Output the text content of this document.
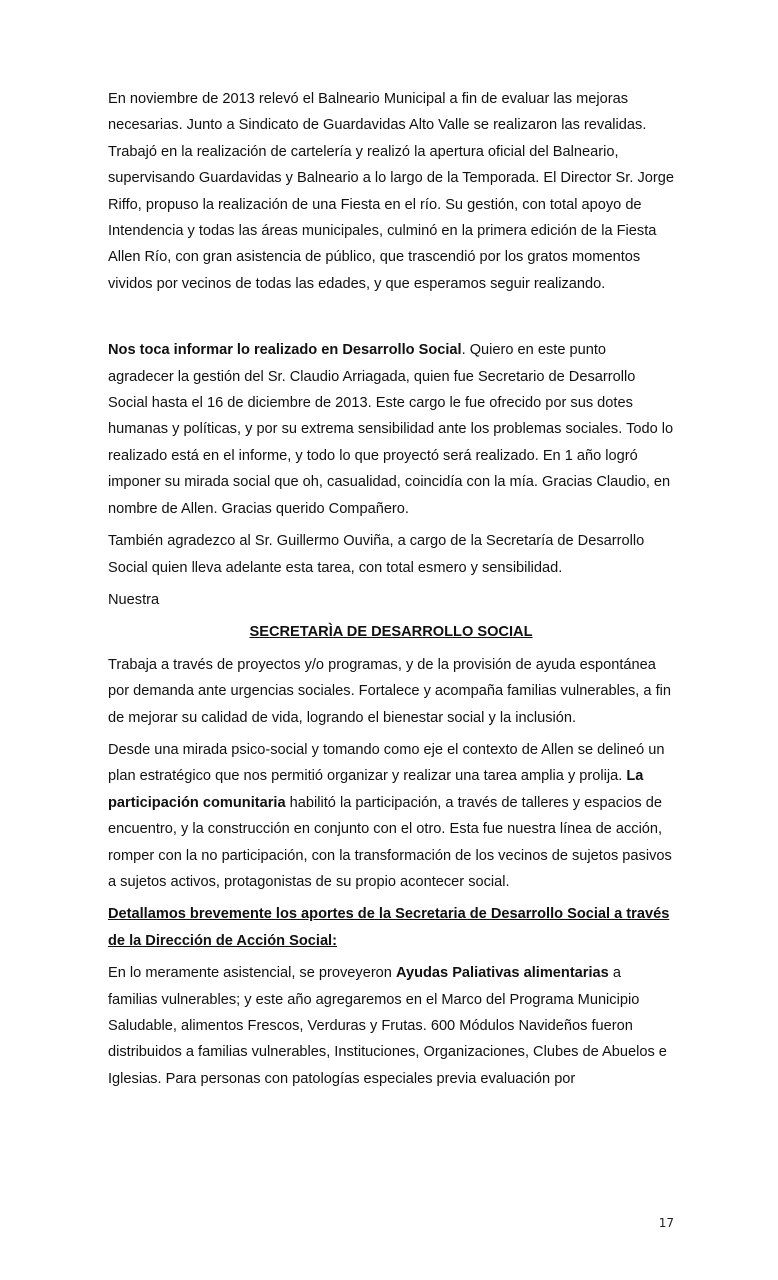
En noviembre de 2013 relevó el Balneario Municipal a fin de evaluar las mejoras necesarias. Junto a Sindicato de Guardavidas Alto Valle se realizaron las revalidas. Trabajó en la realización de cartelería y realizó la apertura oficial del Balneario, supervisando Guardavidas y Balneario a lo largo de la Temporada. El Director Sr. Jorge Riffo, propuso la realización de una Fiesta en el río. Su gestión, con total apoyo de Intendencia y todas las áreas municipales, culminó en la primera edición de la Fiesta Allen Río, con gran asistencia de público, que trascendió por los gratos momentos vividos por vecinos de todas las edades, y que esperamos seguir realizando.

Nos toca informar lo realizado en Desarrollo Social. Quiero en este punto agradecer la gestión del Sr. Claudio Arriagada, quien fue Secretario de Desarrollo Social hasta el 16 de diciembre de 2013. Este cargo le fue ofrecido por sus dotes humanas y políticas, y por su extrema sensibilidad ante los problemas sociales. Todo lo realizado está en el informe, y todo lo que proyectó será realizado. En 1 año logró imponer su mirada social que oh, casualidad, coincidía con la mía. Gracias Claudio, en nombre de Allen. Gracias querido Compañero.

También agradezco al Sr. Guillermo Ouviña, a cargo de la Secretaría de Desarrollo Social quien lleva adelante esta tarea, con total esmero y sensibilidad.

Nuestra

SECRETARÌA DE DESARROLLO SOCIAL

Trabaja a través de proyectos y/o programas, y de la provisión de ayuda espontánea por demanda ante urgencias sociales. Fortalece y acompaña familias vulnerables, a fin de mejorar su calidad de vida, logrando el bienestar social y la inclusión.

Desde una mirada psico-social y tomando como eje el contexto de Allen se delineó un plan estratégico que nos permitió organizar y realizar una tarea amplia y prolija. La participación comunitaria habilitó la participación, a través de talleres y espacios de encuentro, y la construcción en conjunto con el otro. Esta fue nuestra línea de acción, romper con la no participación, con la transformación de los vecinos de sujetos pasivos a sujetos activos, protagonistas de su propio acontecer social.

Detallamos brevemente los aportes de la Secretaria de Desarrollo Social a través de la Dirección de Acción Social:

En lo meramente asistencial, se proveyeron Ayudas Paliativas alimentarias a familias vulnerables; y este año agregaremos en el Marco del Programa Municipio Saludable, alimentos Frescos, Verduras y Frutas. 600 Módulos Navideños fueron distribuidos a familias vulnerables, Instituciones, Organizaciones, Clubes de Abuelos e Iglesias. Para personas con patologías especiales previa evaluación por

17
